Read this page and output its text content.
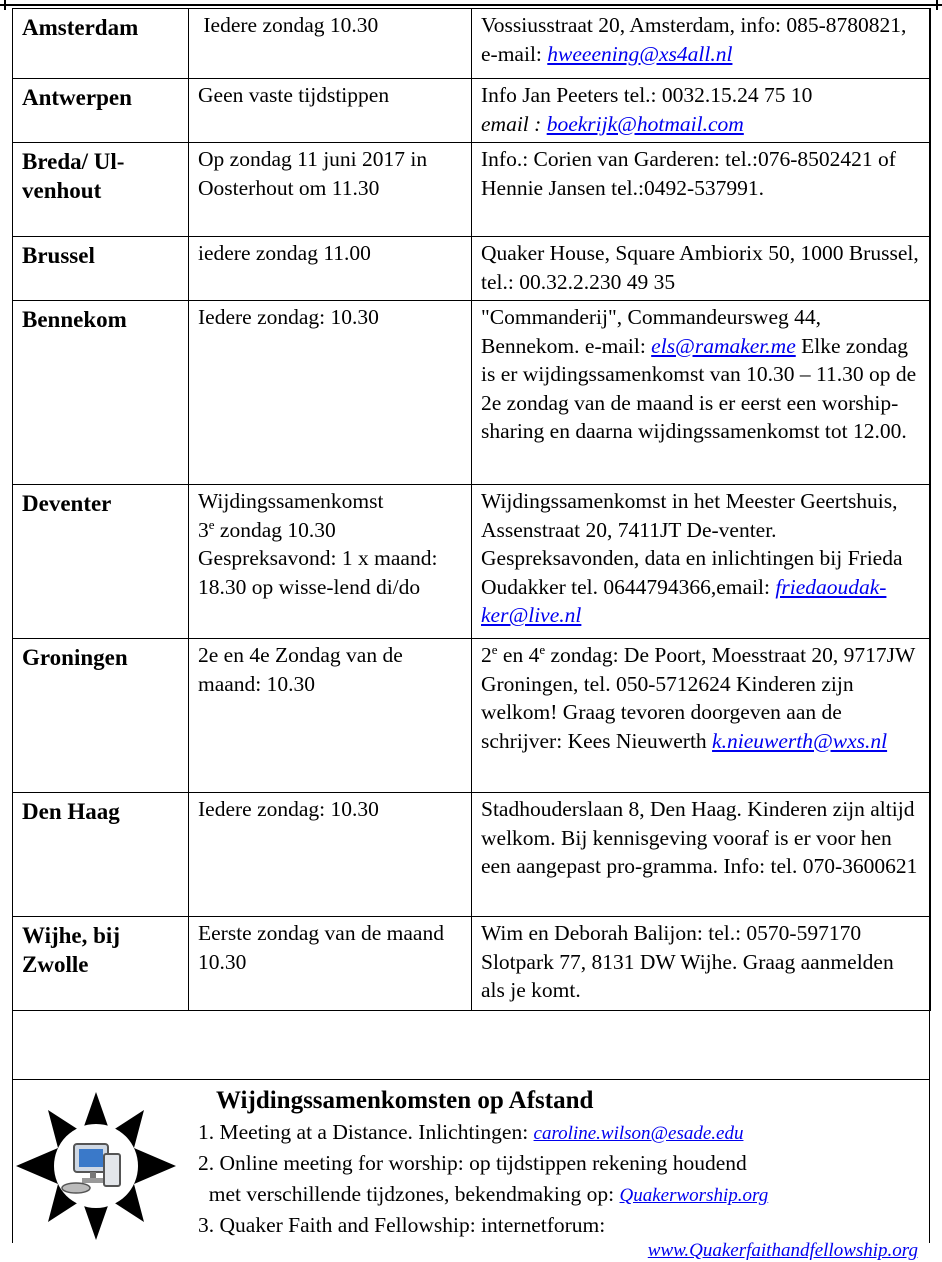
Amsterdam	Iedere zondag 10.30	Vossiusstraat 20, Amsterdam, info: 085-8780821, e-mail: hweeening@xs4all.nl
Antwerpen	Geen vaste tijdstippen	Info Jan Peeters tel.: 0032.15.24 75 10
email : boekrijk@hotmail.com
Breda/ Ul-venhout	Op zondag 11 juni 2017 in Oosterhout om 11.30	Info.: Corien van Garderen: tel.:076-8502421 of Hennie Jansen tel.:0492-537991.
Brussel	iedere zondag 11.00	Quaker House, Square Ambiorix 50, 1000 Brussel, tel.: 00.32.2.230 49 35
Bennekom	Iedere zondag: 10.30	"Commanderij", Commandeursweg 44, Bennekom. e-mail: els@ramaker.me Elke zondag is er wijdingssamenkomst van 10.30 – 11.30 op de 2e zondag van de maand is er eerst een worship-sharing en daarna wijdingssamenkomst tot 12.00.
Deventer	Wijdingssamenkomst
3e zondag 10.30
Gespreksavond: 1 x maand: 18.30 op wisse-lend di/do	Wijdingssamenkomst in het Meester Geertshuis, Assenstraat 20, 7411JT De-venter. Gespreksavonden, data en inlichtingen bij Frieda Oudakker tel. 0644794366,email: friedaoudak-ker@live.nl
Groningen	2e en 4e Zondag van de maand: 10.30	2e en 4e zondag: De Poort, Moesstraat 20, 9717JW Groningen, tel. 050-5712624 Kinderen zijn welkom! Graag tevoren doorgeven aan de schrijver: Kees Nieuwerth k.nieuwerth@wxs.nl
Den Haag	Iedere zondag: 10.30	Stadhouderslaan 8, Den Haag. Kinderen zijn altijd welkom. Bij kennisgeving vooraf is er voor hen een aangepast pro-gramma. Info: tel. 070-3600621
Wijhe, bij Zwolle	Eerste zondag van de maand 10.30	Wim en Deborah Balijon: tel.: 0570-597170 Slotpark 77, 8131 DW Wijhe. Graag aanmelden als je komt.
Wijdingssamenkomsten op Afstand
1. Meeting at a Distance. Inlichtingen: caroline.wilson@esade.edu
2. Online meeting for worship: op tijdstippen rekening houdend
met verschillende tijdzones, bekendmaking op: Quakerworship.org
3. Quaker Faith and Fellowship: internetforum:
www.Quakerfaithandfellowship.org
